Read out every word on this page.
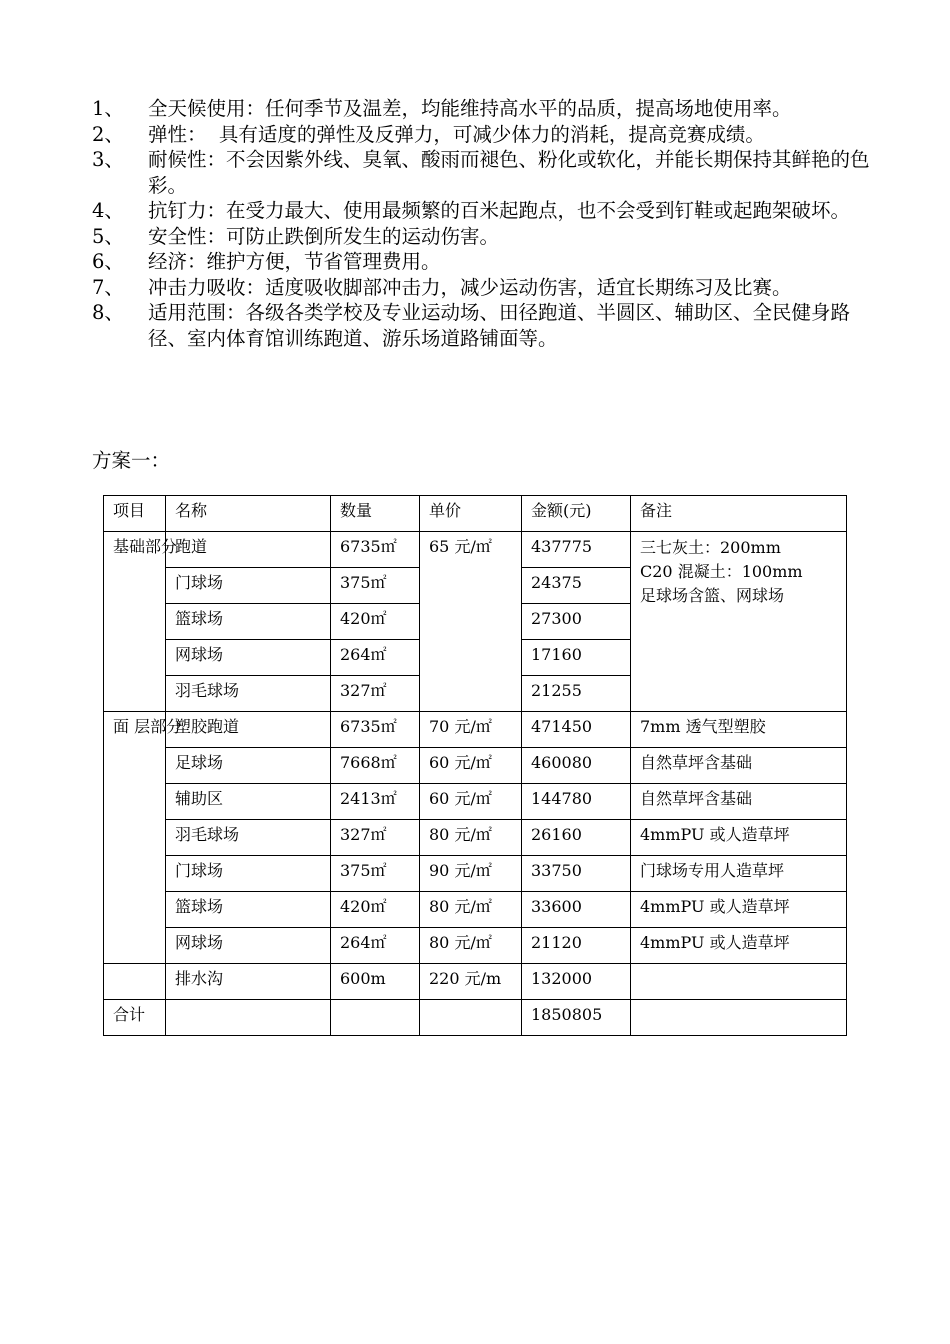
1、	全天候使用：任何季节及温差，均能维持高水平的品质，提高场地使用率。
2、	弹性：  具有适度的弹性及反弹力，可减少体力的消耗，提高竞赛成绩。
3、	耐候性：不会因紫外线、臭氧、酸雨而褪色、粉化或软化，并能长期保持其鲜艳的色彩。
4、	抗钉力：在受力最大、使用最频繁的百米起跑点，也不会受到钉鞋或起跑架破坏。
5、	安全性：可防止跌倒所发生的运动伤害。
6、	经济：维护方便，节省管理费用。
7、	冲击力吸收：适度吸收脚部冲击力，减少运动伤害，适宜长期练习及比赛。
8、	适用范围：各级各类学校及专业运动场、田径跑道、半圆区、辅助区、全民健身路径、室内体育馆训练跑道、游乐场道路铺面等。
方案一：
项目	名称	数量	单价	金额(元)	备注
基础部分	跑道	6735㎡	65 元/㎡	437775	三七灰土：200mm
C20 混凝土：100mm
足球场含篮、网球场

	门球场	375㎡		24375	
	篮球场	420㎡		27300	
	网球场	264㎡		17160	
	羽毛球场	327㎡		21255	
面 层部分	塑胶跑道	6735㎡	70 元/㎡	471450	7mm 透气型塑胶
	足球场	7668㎡	60 元/㎡	460080	自然草坪含基础
	辅助区	2413㎡	60 元/㎡	144780	自然草坪含基础
	羽毛球场	327㎡	80 元/㎡	26160	4mmPU 或人造草坪
	门球场	375㎡	90 元/㎡	33750	门球场专用人造草坪
	篮球场	420㎡	80 元/㎡	33600	4mmPU 或人造草坪
	网球场	264㎡	80 元/㎡	21120	4mmPU 或人造草坪
	排水沟	600m	220 元/m	132000	
合计				1850805	
